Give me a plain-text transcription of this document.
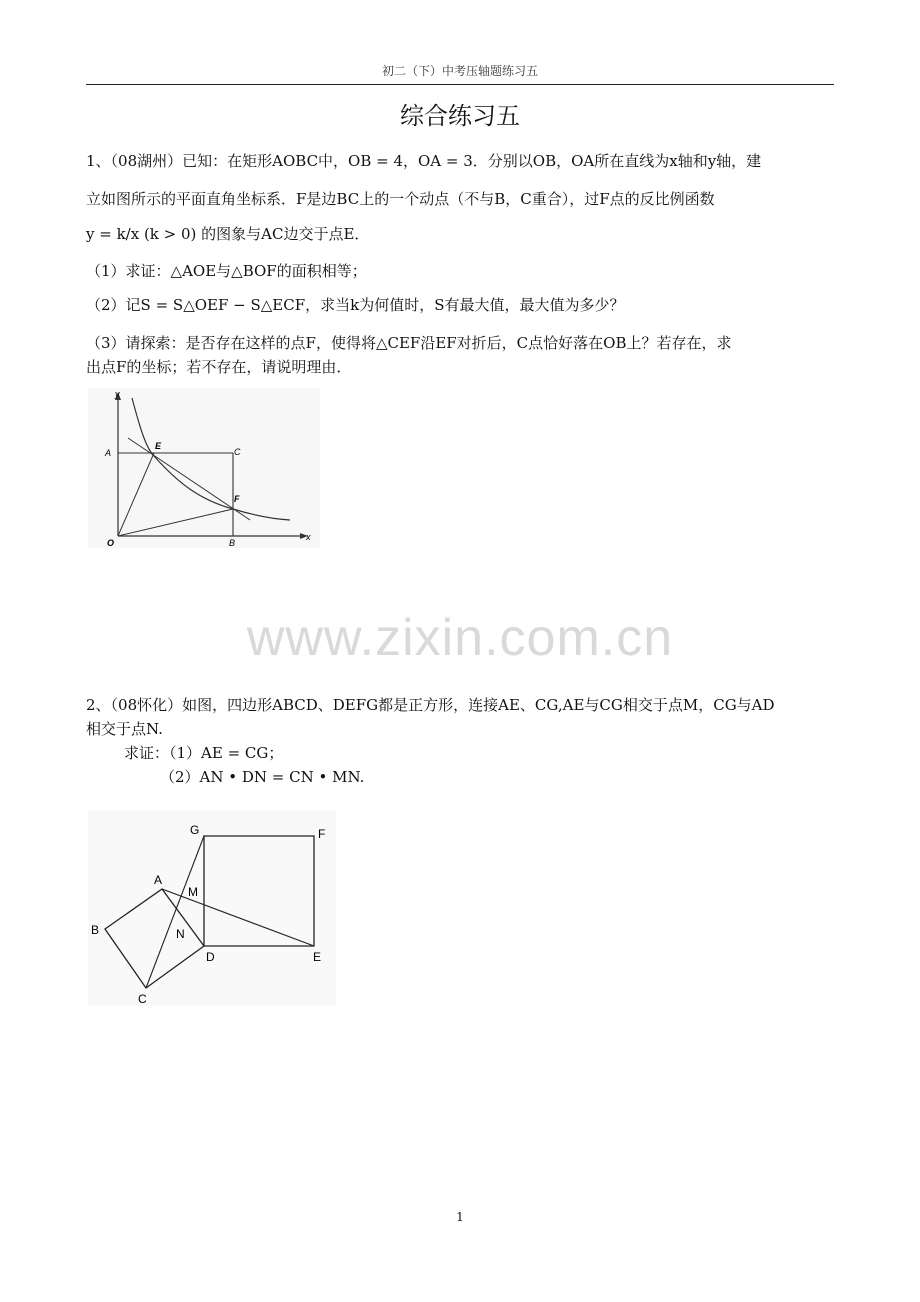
初二（下）中考压轴题练习五
综合练习五
1、（08湖州）已知：在矩形AOBC中，OB = 4，OA = 3．分别以OB，OA所在直线为x轴和y轴，建
立如图所示的平面直角坐标系．F是边BC上的一个动点（不与B，C重合），过F点的反比例函数
y = k/x (k > 0) 的图象与AC边交于点E．
（1）求证：△AOE与△BOF的面积相等；
（2）记S = S△OEF − S△ECF，求当k为何值时，S有最大值，最大值为多少？
（3）请探索：是否存在这样的点F，使得将△CEF沿EF对折后，C点恰好落在OB上？若存在，求
出点F的坐标；若不存在，请说明理由．
y
x
A
E
C
F
O	B
www.zixin.com.cn
2、（08怀化）如图，四边形ABCD、DEFG都是正方形，连接AE、CG,AE与CG相交于点M，CG与AD
相交于点N.
求证：（1）AE = CG；
（2）AN • DN = CN • MN.
G	F
A
M
B	N
D	E
C
1
